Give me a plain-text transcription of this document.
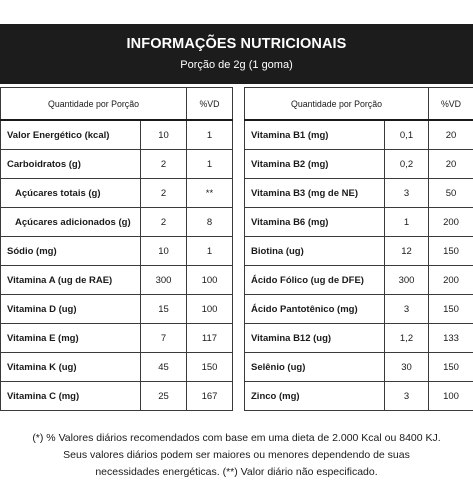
INFORMAÇÕES NUTRICIONAIS
Porção de 2g (1 goma)
Quantidade por Porção		%VD
Valor Energético (kcal)	10	1
Carboidratos (g)	2	1
Açúcares totais (g)	2	**
Açúcares adicionados (g)	2	8
Sódio (mg)	10	1
Vitamina A (ug de RAE)	300	100
Vitamina D (ug)	15	100
Vitamina E (mg)	7	117
Vitamina K (ug)	45	150
Vitamina C (mg)	25	167
Quantidade por Porção		%VD
Vitamina B1 (mg)	0,1	20
Vitamina B2 (mg)	0,2	20
Vitamina B3 (mg de NE)	3	50
Vitamina B6 (mg)	1	200
Biotina (ug)	12	150
Ácido Fólico (ug de DFE)	300	200
Ácido Pantotênico (mg)	3	150
Vitamina B12 (ug)	1,2	133
Selênio (ug)	30	150
Zinco (mg)	3	100
(*) % Valores diários recomendados com base em uma dieta de 2.000 Kcal ou 8400 KJ.
Seus valores diários podem ser maiores ou menores dependendo de suas
necessidades energéticas. (**) Valor diário não especificado.
